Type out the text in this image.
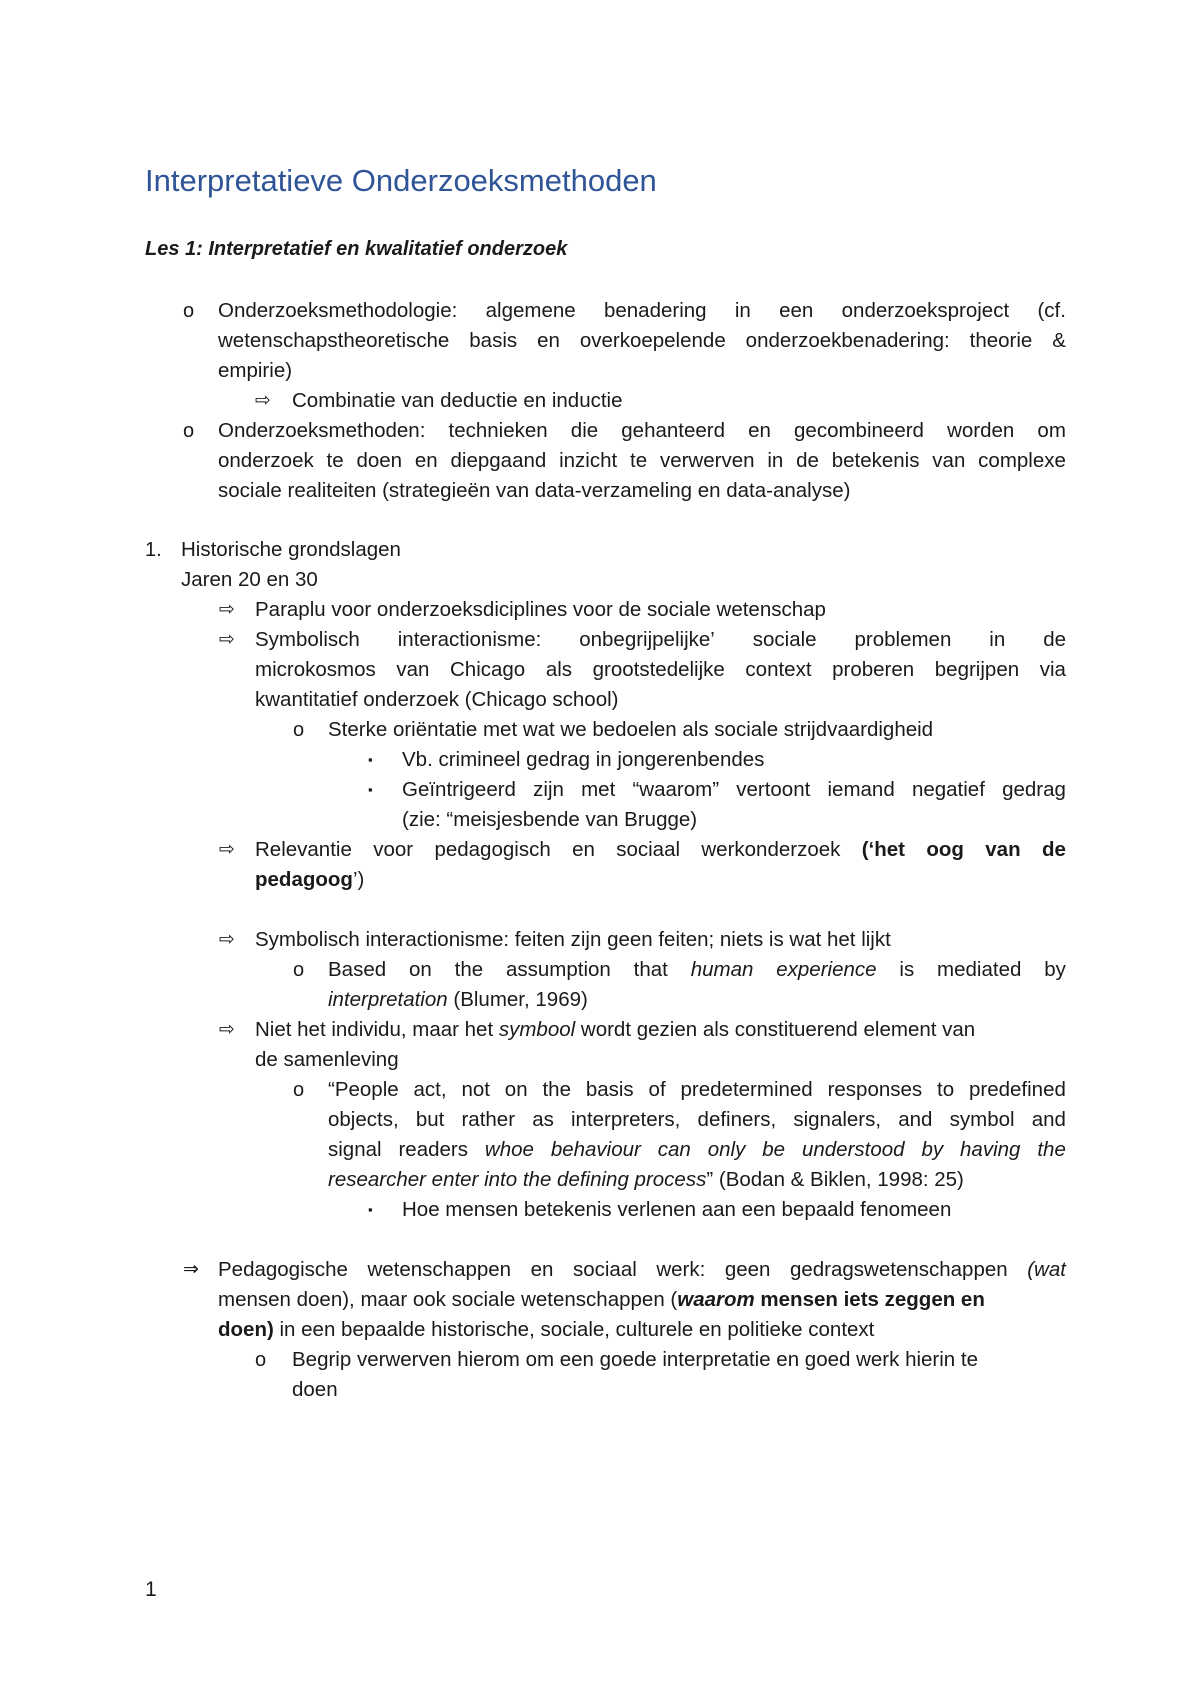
Interpretatieve Onderzoeksmethoden
Les 1: Interpretatief en kwalitatief onderzoek
o Onderzoeksmethodologie: algemene benadering in een onderzoeksproject (cf.
wetenschapstheoretische basis en overkoepelende onderzoekbenadering: theorie &
empirie)
⇨ Combinatie van deductie en inductie
o Onderzoeksmethoden: technieken die gehanteerd en gecombineerd worden om
onderzoek te doen en diepgaand inzicht te verwerven in de betekenis van complexe
sociale realiteiten (strategieën van data-verzameling en data-analyse)
1. Historische grondslagen
Jaren 20 en 30
⇨ Paraplu voor onderzoeksdiciplines voor de sociale wetenschap
⇨ Symbolisch interactionisme: onbegrijpelijke’ sociale problemen in de
microkosmos van Chicago als grootstedelijke context proberen begrijpen via
kwantitatief onderzoek (Chicago school)
o Sterke oriëntatie met wat we bedoelen als sociale strijdvaardigheid
▪ Vb. crimineel gedrag in jongerenbendes
▪ Geïntrigeerd zijn met “waarom” vertoont iemand negatief gedrag
(zie: “meisjesbende van Brugge)
⇨ Relevantie voor pedagogisch en sociaal werkonderzoek (‘het oog van de
pedagoog’)
⇨ Symbolisch interactionisme: feiten zijn geen feiten; niets is wat het lijkt
o Based on the assumption that human experience is mediated by
interpretation (Blumer, 1969)
⇨ Niet het individu, maar het symbool wordt gezien als constituerend element van
de samenleving
o “People act, not on the basis of predetermined responses to predefined
objects, but rather as interpreters, definers, signalers, and symbol and
signal readers whoe behaviour can only be understood by having the
researcher enter into the defining process” (Bodan & Biklen, 1998: 25)
▪ Hoe mensen betekenis verlenen aan een bepaald fenomeen
⇒ Pedagogische wetenschappen en sociaal werk: geen gedragswetenschappen (wat
mensen doen), maar ook sociale wetenschappen (waarom mensen iets zeggen en
doen) in een bepaalde historische, sociale, culturele en politieke context
o Begrip verwerven hierom om een goede interpretatie en goed werk hierin te
doen
1
